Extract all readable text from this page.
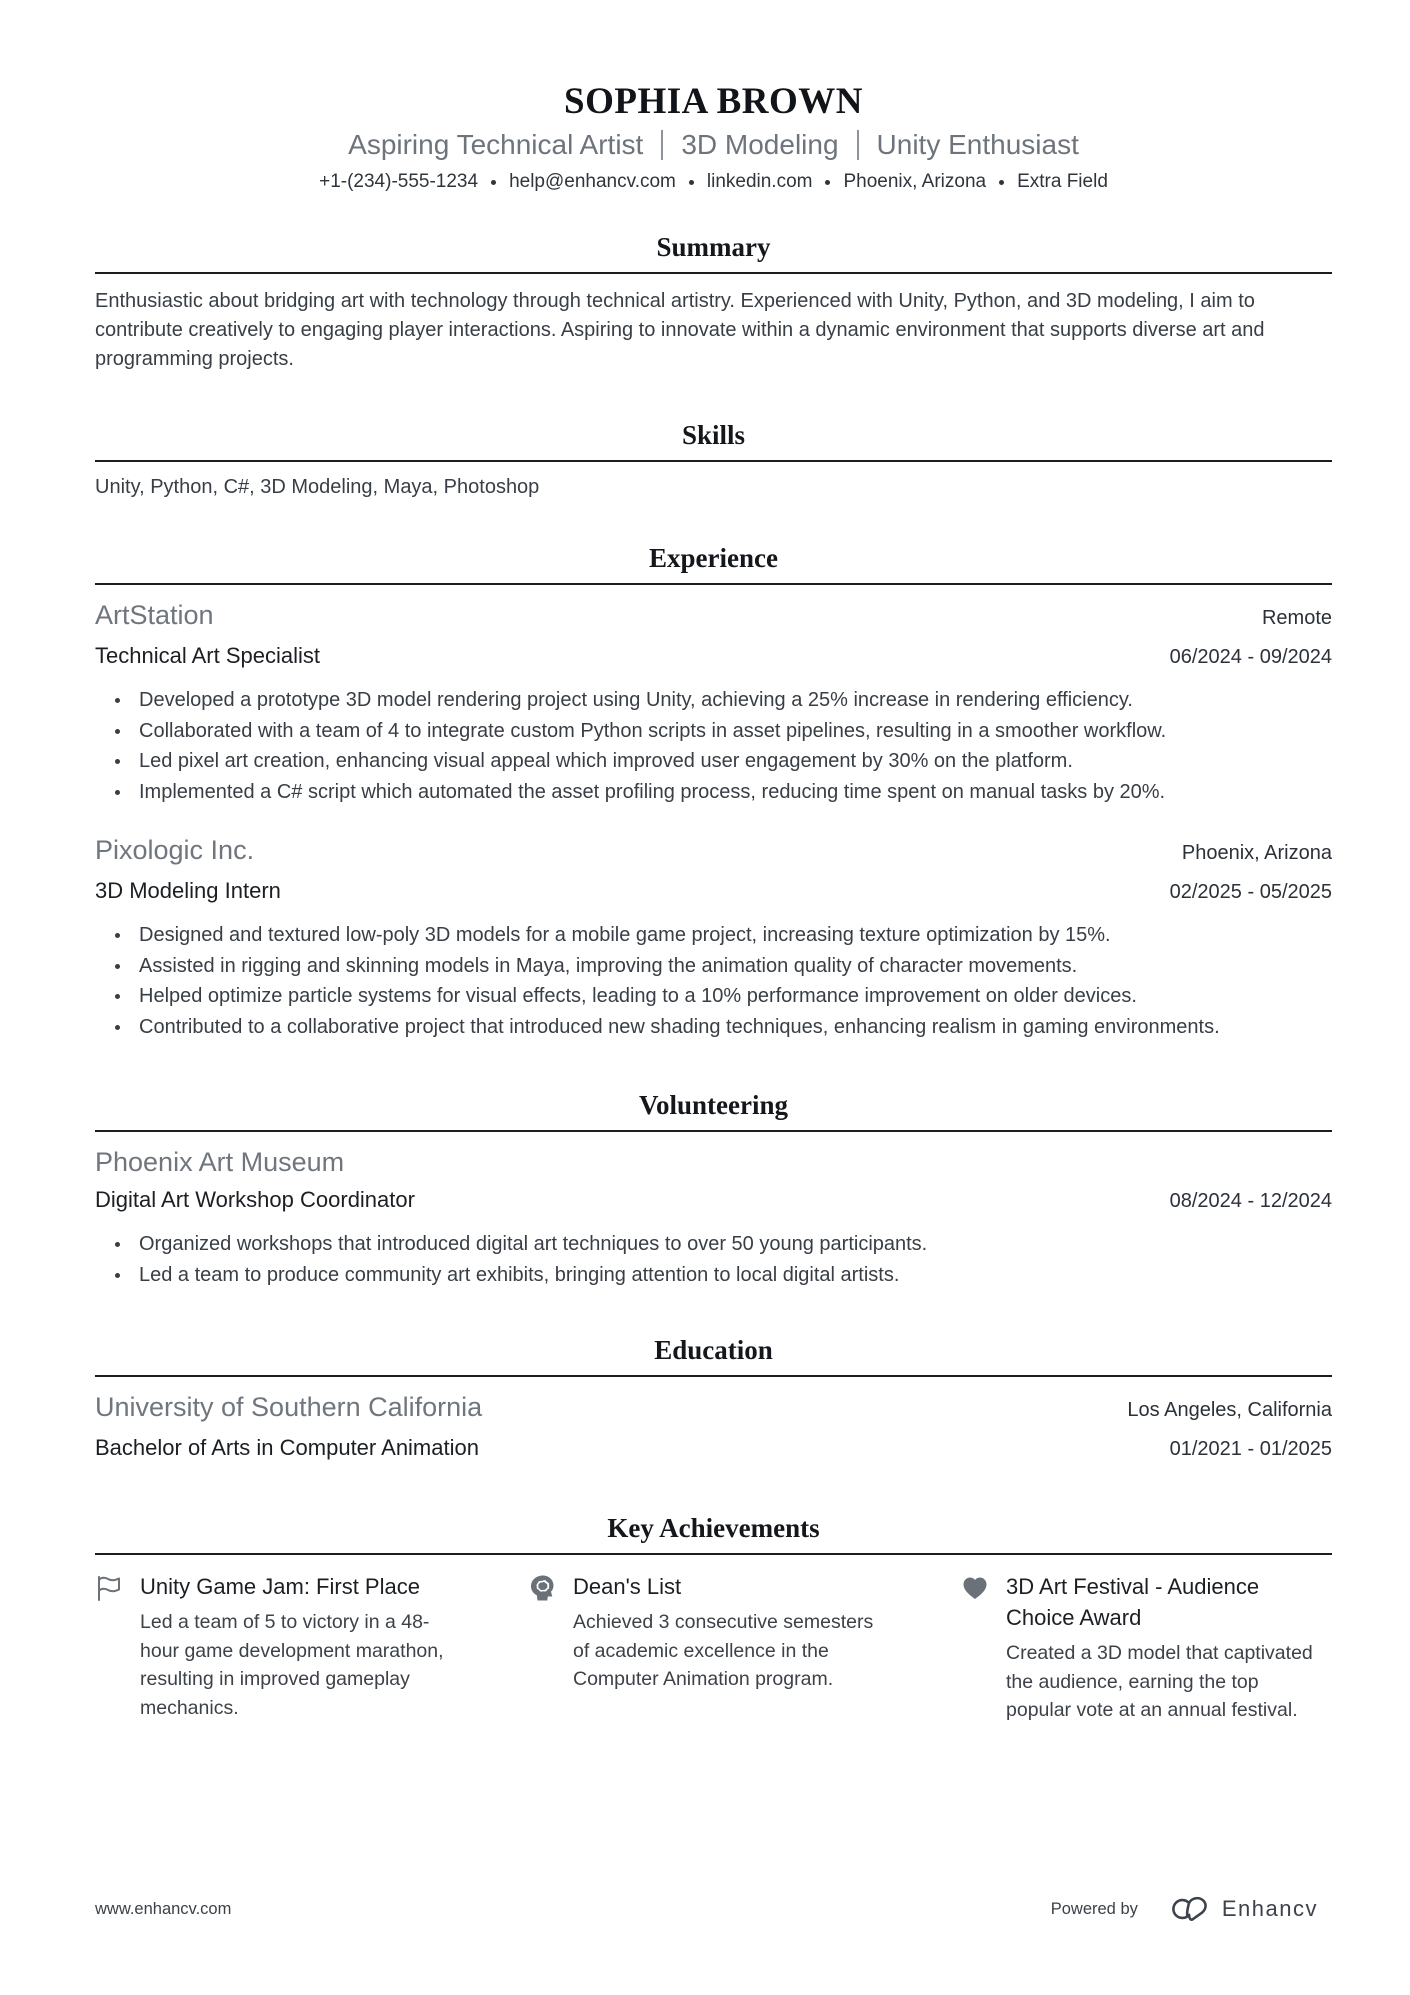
SOPHIA BROWN
Aspiring Technical Artist 3D Modeling Unity Enthusiast
+1-(234)-555-1234 help@enhancv.com linkedin.com Phoenix, Arizona Extra Field
Summary
Enthusiastic about bridging art with technology through technical artistry. Experienced with Unity, Python, and 3D modeling, I aim to contribute creatively to engaging player interactions. Aspiring to innovate within a dynamic environment that supports diverse art and programming projects.
Skills
Unity, Python, C#, 3D Modeling, Maya, Photoshop
Experience
ArtStation	Remote
Technical Art Specialist	06/2024 - 09/2024
Developed a prototype 3D model rendering project using Unity, achieving a 25% increase in rendering efficiency.
Collaborated with a team of 4 to integrate custom Python scripts in asset pipelines, resulting in a smoother workflow.
Led pixel art creation, enhancing visual appeal which improved user engagement by 30% on the platform.
Implemented a C# script which automated the asset profiling process, reducing time spent on manual tasks by 20%.
Pixologic Inc.	Phoenix, Arizona
3D Modeling Intern	02/2025 - 05/2025
Designed and textured low-poly 3D models for a mobile game project, increasing texture optimization by 15%.
Assisted in rigging and skinning models in Maya, improving the animation quality of character movements.
Helped optimize particle systems for visual effects, leading to a 10% performance improvement on older devices.
Contributed to a collaborative project that introduced new shading techniques, enhancing realism in gaming environments.
Volunteering
Phoenix Art Museum
Digital Art Workshop Coordinator	08/2024 - 12/2024
Organized workshops that introduced digital art techniques to over 50 young participants.
Led a team to produce community art exhibits, bringing attention to local digital artists.
Education
University of Southern California	Los Angeles, California
Bachelor of Arts in Computer Animation	01/2021 - 01/2025
Key Achievements
Unity Game Jam: First Place
Led a team of 5 to victory in a 48-hour game development marathon, resulting in improved gameplay mechanics.
Dean's List
Achieved 3 consecutive semesters of academic excellence in the Computer Animation program.
3D Art Festival - Audience Choice Award
Created a 3D model that captivated the audience, earning the top popular vote at an annual festival.
www.enhancv.com	Powered by	Enhancv
